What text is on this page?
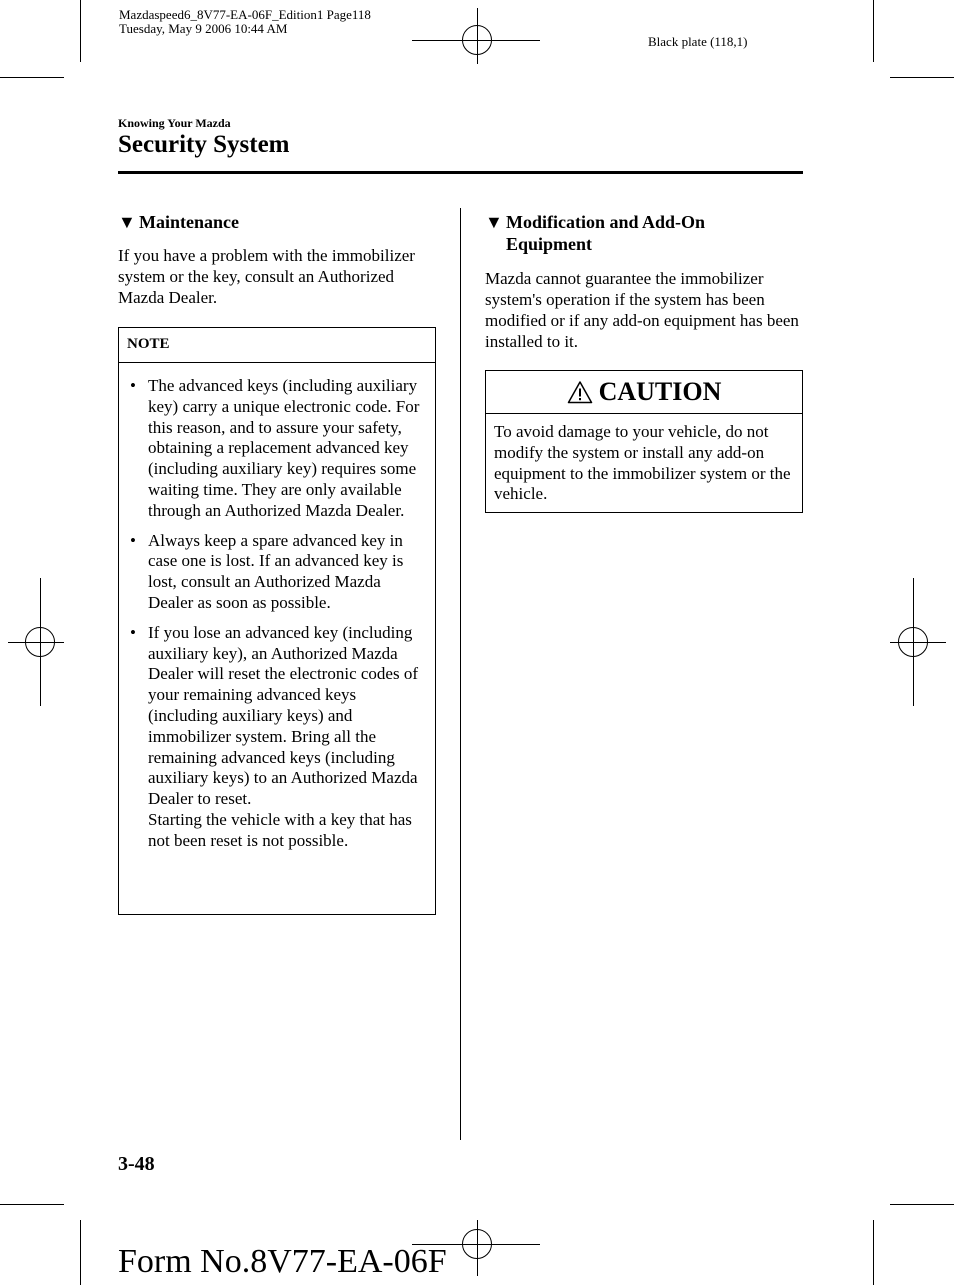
Mazdaspeed6_8V77-EA-06F_Edition1 Page118
Tuesday, May 9 2006 10:44 AM
Black plate (118,1)
Knowing Your Mazda
Security System
▼ Maintenance
If you have a problem with the immobilizer system or the key, consult an Authorized Mazda Dealer.
NOTE
• The advanced keys (including auxiliary key) carry a unique electronic code. For this reason, and to assure your safety, obtaining a replacement advanced key (including auxiliary key) requires some waiting time. They are only available through an Authorized Mazda Dealer.
• Always keep a spare advanced key in case one is lost. If an advanced key is lost, consult an Authorized Mazda Dealer as soon as possible.
• If you lose an advanced key (including auxiliary key), an Authorized Mazda Dealer will reset the electronic codes of your remaining advanced keys (including auxiliary keys) and immobilizer system. Bring all the remaining advanced keys (including auxiliary keys) to an Authorized Mazda Dealer to reset.
Starting the vehicle with a key that has not been reset is not possible.
▼ Modification and Add-On Equipment
Mazda cannot guarantee the immobilizer system's operation if the system has been modified or if any add-on equipment has been installed to it.
CAUTION
To avoid damage to your vehicle, do not modify the system or install any add-on equipment to the immobilizer system or the vehicle.
3-48
Form No.8V77-EA-06F
